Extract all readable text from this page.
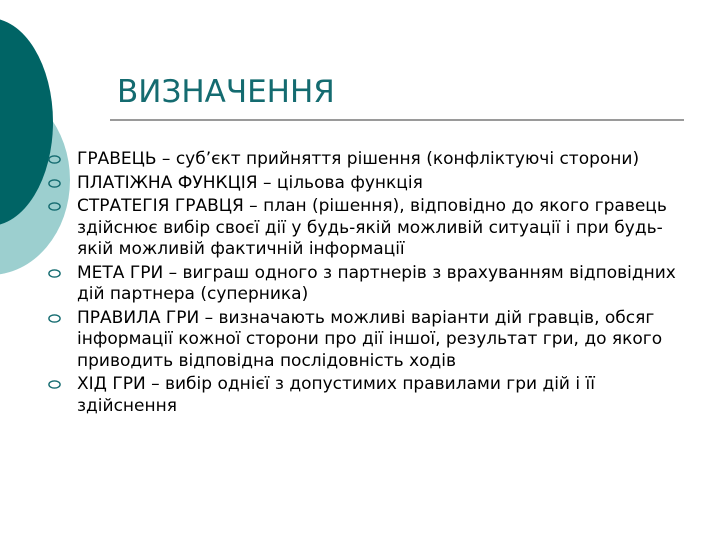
ВИЗНАЧЕННЯ
ГРАВЕЦЬ – суб’єкт прийняття рішення (конфліктуючі сторони)
ПЛАТІЖНА ФУНКЦІЯ – цільова функція
СТРАТЕГІЯ ГРАВЦЯ – план (рішення), відповідно до якого гравець здійснює вибір своєї дії у будь-якій можливій ситуації і при будь-якій можливій фактичній інформації
МЕТА ГРИ – виграш одного з партнерів з врахуванням відповідних дій партнера (суперника)
ПРАВИЛА ГРИ – визначають можливі варіанти дій гравців, обсяг інформації кожної сторони про дії іншої, результат гри, до якого приводить відповідна послідовність ходів
ХІД ГРИ – вибір однієї з допустимих правилами гри дій і її здійснення
